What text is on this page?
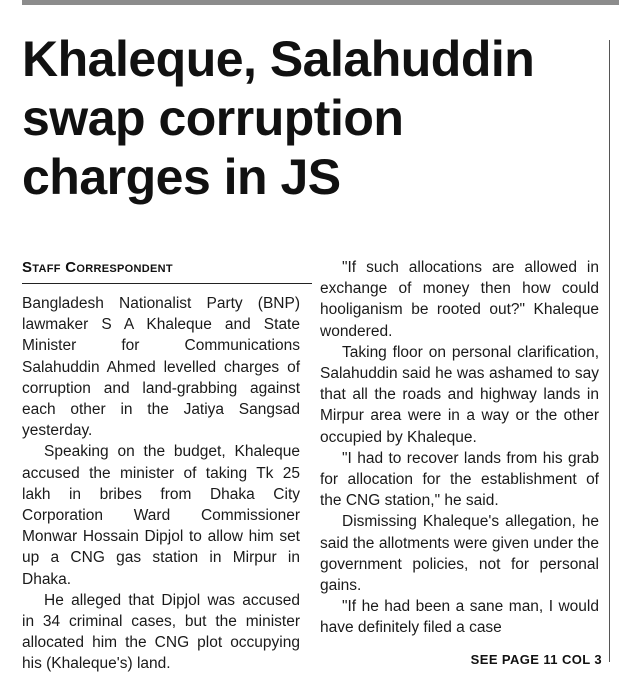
Khaleque, Salahuddin
swap corruption
charges in JS

Staff Correspondent

Bangladesh Nationalist Party (BNP) lawmaker S A Khaleque and State Minister for Communications Salahuddin Ahmed levelled charges of corruption and land-grabbing against each other in the Jatiya Sangsad yesterday.

Speaking on the budget, Khaleque accused the minister of taking Tk 25 lakh in bribes from Dhaka City Corporation Ward Commissioner Monwar Hossain Dipjol to allow him set up a CNG gas station in Mirpur in Dhaka.

He alleged that Dipjol was accused in 34 criminal cases, but the minister allocated him the CNG plot occupying his (Khaleque's) land.

"If such allocations are allowed in exchange of money then how could hooliganism be rooted out?" Khaleque wondered.

Taking floor on personal clarification, Salahuddin said he was ashamed to say that all the roads and highway lands in Mirpur area were in a way or the other occupied by Khaleque.

"I had to recover lands from his grab for allocation for the establishment of the CNG station," he said.

Dismissing Khaleque's allegation, he said the allotments were given under the government policies, not for personal gains.

"If he had been a sane man, I would have definitely filed a case

SEE PAGE 11 COL 3
